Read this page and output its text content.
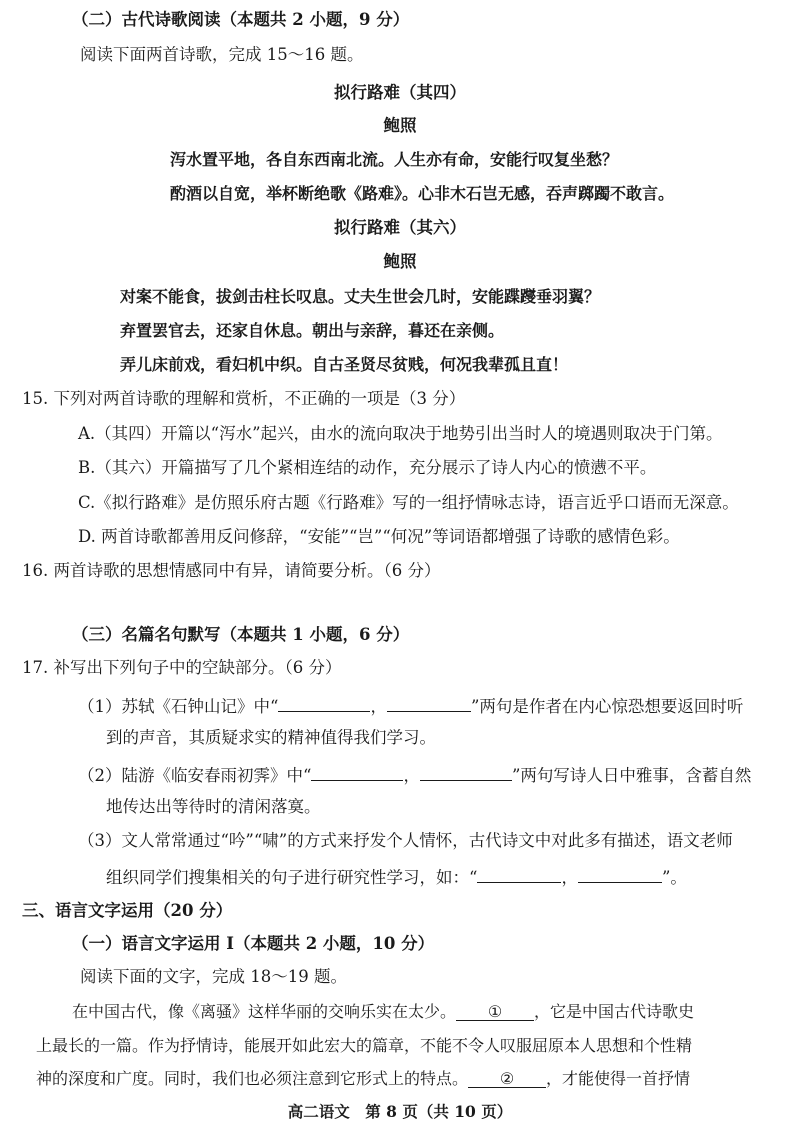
（二）古代诗歌阅读（本题共 2 小题，9 分）
阅读下面两首诗歌，完成 15～16 题。
拟行路难（其四）
鲍照
泻水置平地，各自东西南北流。人生亦有命，安能行叹复坐愁？
酌酒以自宽，举杯断绝歌《路难》。心非木石岂无感，吞声踯躅不敢言。
拟行路难（其六）
鲍照
对案不能食，拔剑击柱长叹息。丈夫生世会几时，安能蹀躞垂羽翼？
弃置罢官去，还家自休息。朝出与亲辞，暮还在亲侧。
弄儿床前戏，看妇机中织。自古圣贤尽贫贱，何况我辈孤且直！
15. 下列对两首诗歌的理解和赏析，不正确的一项是（3 分）
A.（其四）开篇以“泻水”起兴，由水的流向取决于地势引出当时人的境遇则取决于门第。
B.（其六）开篇描写了几个紧相连结的动作，充分展示了诗人内心的愤懑不平。
C.《拟行路难》是仿照乐府古题《行路难》写的一组抒情咏志诗，语言近乎口语而无深意。
D. 两首诗歌都善用反问修辞，“安能”“岂”“何况”等词语都增强了诗歌的感情色彩。
16. 两首诗歌的思想情感同中有异，请简要分析。（6 分）
（三）名篇名句默写（本题共 1 小题，6 分）
17. 补写出下列句子中的空缺部分。（6 分）
（1）苏轼《石钟山记》中“	，	”两句是作者在内心惊恐想要返回时听
到的声音，其质疑求实的精神值得我们学习。
（2）陆游《临安春雨初霁》中“	，	”两句写诗人日中雅事，含蓄自然
地传达出等待时的清闲落寞。
（3）文人常常通过“吟”“啸”的方式来抒发个人情怀，古代诗文中对此多有描述，语文老师
组织同学们搜集相关的句子进行研究性学习，如：“	，	”。
三、语言文字运用（20 分）
（一）语言文字运用 Ⅰ（本题共 2 小题，10 分）
阅读下面的文字，完成 18～19 题。
在中国古代，像《离骚》这样华丽的交响乐实在太少。 ① ，它是中国古代诗歌史
上最长的一篇。作为抒情诗，能展开如此宏大的篇章，不能不令人叹服屈原本人思想和个性精
神的深度和广度。同时，我们也必须注意到它形式上的特点。 ② ，才能使得一首抒情
高二语文　第 8 页（共 10 页）
